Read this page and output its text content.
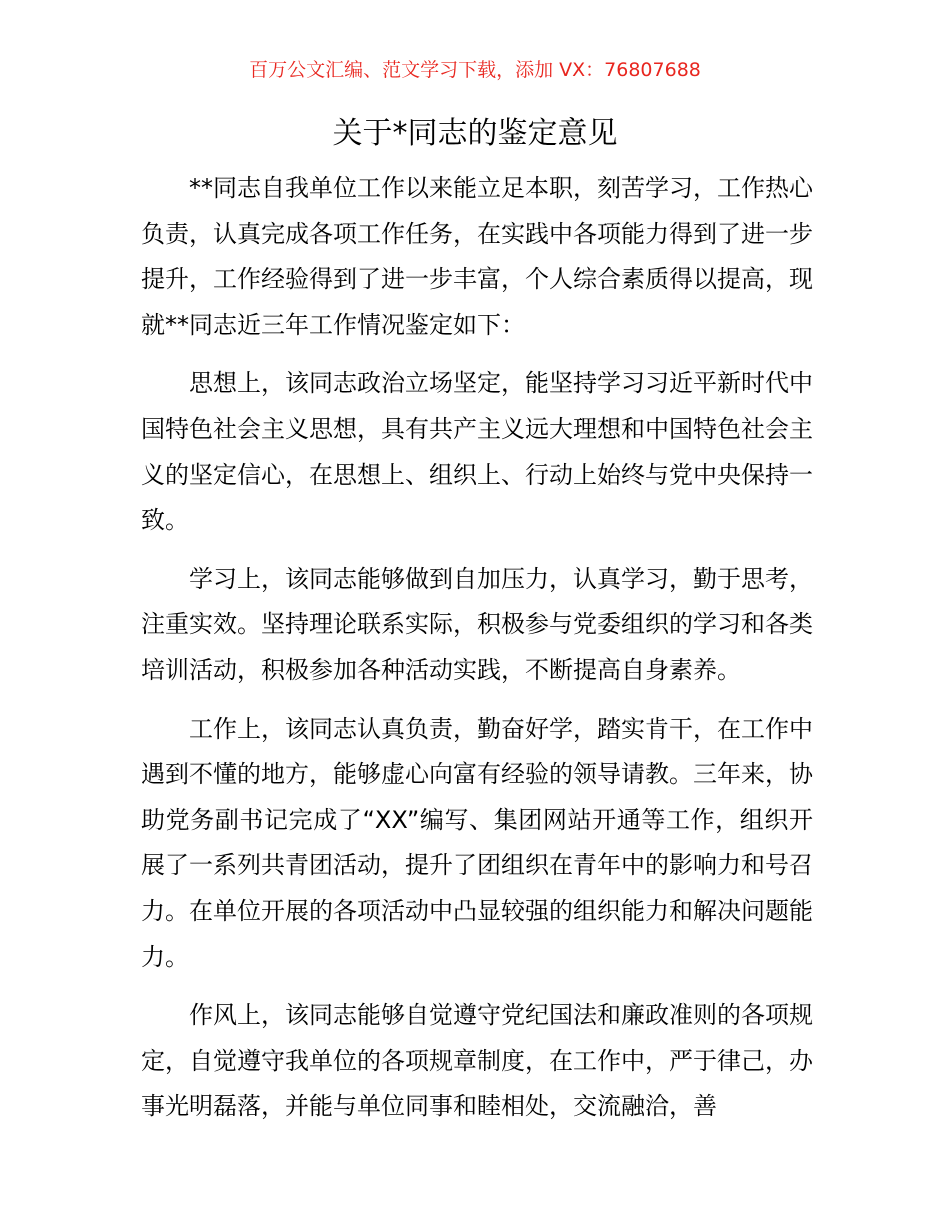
百万公文汇编、范文学习下载，添加 VX：76807688
关于*同志的鉴定意见

**同志自我单位工作以来能立足本职，刻苦学习，工作热心负责，认真完成各项工作任务，在实践中各项能力得到了进一步提升，工作经验得到了进一步丰富，个人综合素质得以提高，现就**同志近三年工作情况鉴定如下：

思想上，该同志政治立场坚定，能坚持学习习近平新时代中国特色社会主义思想，具有共产主义远大理想和中国特色社会主义的坚定信心，在思想上、组织上、行动上始终与党中央保持一致。

学习上，该同志能够做到自加压力，认真学习，勤于思考，注重实效。坚持理论联系实际，积极参与党委组织的学习和各类培训活动，积极参加各种活动实践，不断提高自身素养。

工作上，该同志认真负责，勤奋好学，踏实肯干，在工作中遇到不懂的地方，能够虚心向富有经验的领导请教。三年来，协助党务副书记完成了“XX”编写、集团网站开通等工作，组织开展了一系列共青团活动，提升了团组织在青年中的影响力和号召力。在单位开展的各项活动中凸显较强的组织能力和解决问题能力。

作风上，该同志能够自觉遵守党纪国法和廉政准则的各项规定，自觉遵守我单位的各项规章制度，在工作中，严于律己，办事光明磊落，并能与单位同事和睦相处，交流融洽，善
